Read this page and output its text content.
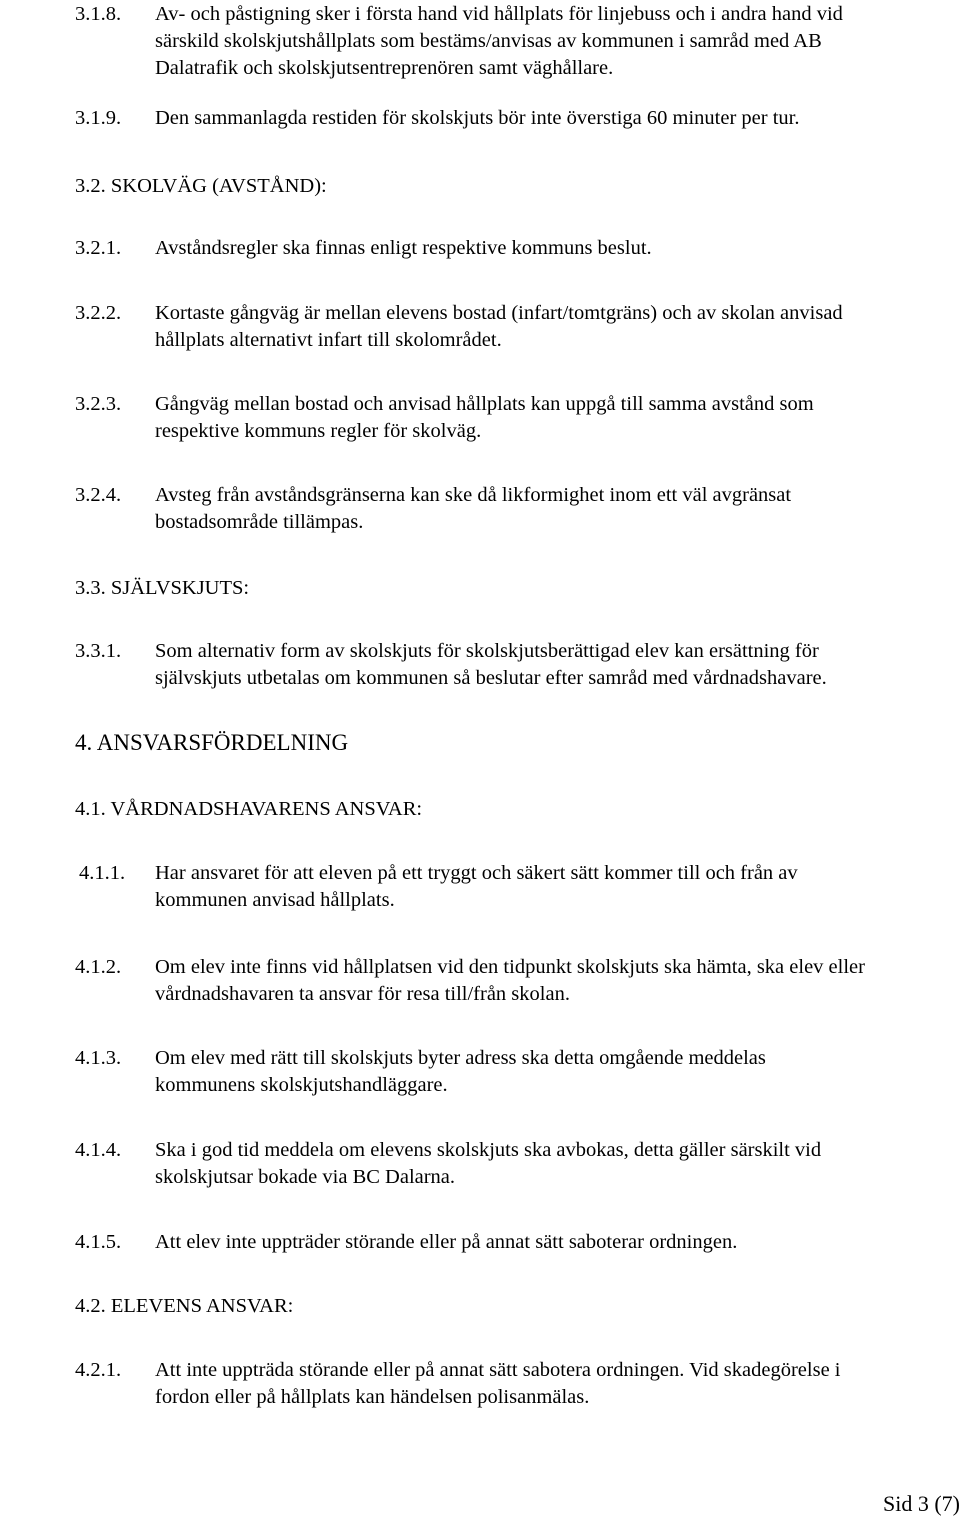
3.1.8. Av- och påstigning sker i första hand vid hållplats för linjebuss och i andra hand vid
särskild skolskjutshållplats som bestäms/anvisas av kommunen i samråd med AB
Dalatrafik och skolskjutsentreprenören samt väghållare.
3.1.9. Den sammanlagda restiden för skolskjuts bör inte överstiga 60 minuter per tur.
3.2. SKOLVÄG (AVSTÅND):
3.2.1. Avståndsregler ska finnas enligt respektive kommuns beslut.
3.2.2. Kortaste gångväg är mellan elevens bostad (infart/tomtgräns) och av skolan anvisad
hållplats alternativt infart till skolområdet.
3.2.3. Gångväg mellan bostad och anvisad hållplats kan uppgå till samma avstånd som
respektive kommuns regler för skolväg.
3.2.4. Avsteg från avståndsgränserna kan ske då likformighet inom ett väl avgränsat
bostadsområde tillämpas.
3.3. SJÄLVSKJUTS:
3.3.1. Som alternativ form av skolskjuts för skolskjutsberättigad elev kan ersättning för
självskjuts utbetalas om kommunen så beslutar efter samråd med vårdnadshavare.
4. ANSVARSFÖRDELNING
4.1. VÅRDNADSHAVARENS ANSVAR:
4.1.1. Har ansvaret för att eleven på ett tryggt och säkert sätt kommer till och från av
kommunen anvisad hållplats.
4.1.2. Om elev inte finns vid hållplatsen vid den tidpunkt skolskjuts ska hämta, ska elev eller
vårdnadshavaren ta ansvar för resa till/från skolan.
4.1.3. Om elev med rätt till skolskjuts byter adress ska detta omgående meddelas
kommunens skolskjutshandläggare.
4.1.4. Ska i god tid meddela om elevens skolskjuts ska avbokas, detta gäller särskilt vid
skolskjutsar bokade via BC Dalarna.
4.1.5. Att elev inte uppträder störande eller på annat sätt saboterar ordningen.
4.2. ELEVENS ANSVAR:
4.2.1. Att inte uppträda störande eller på annat sätt sabotera ordningen. Vid skadegörelse i
fordon eller på hållplats kan händelsen polisanmälas.
Sid 3 (7)
